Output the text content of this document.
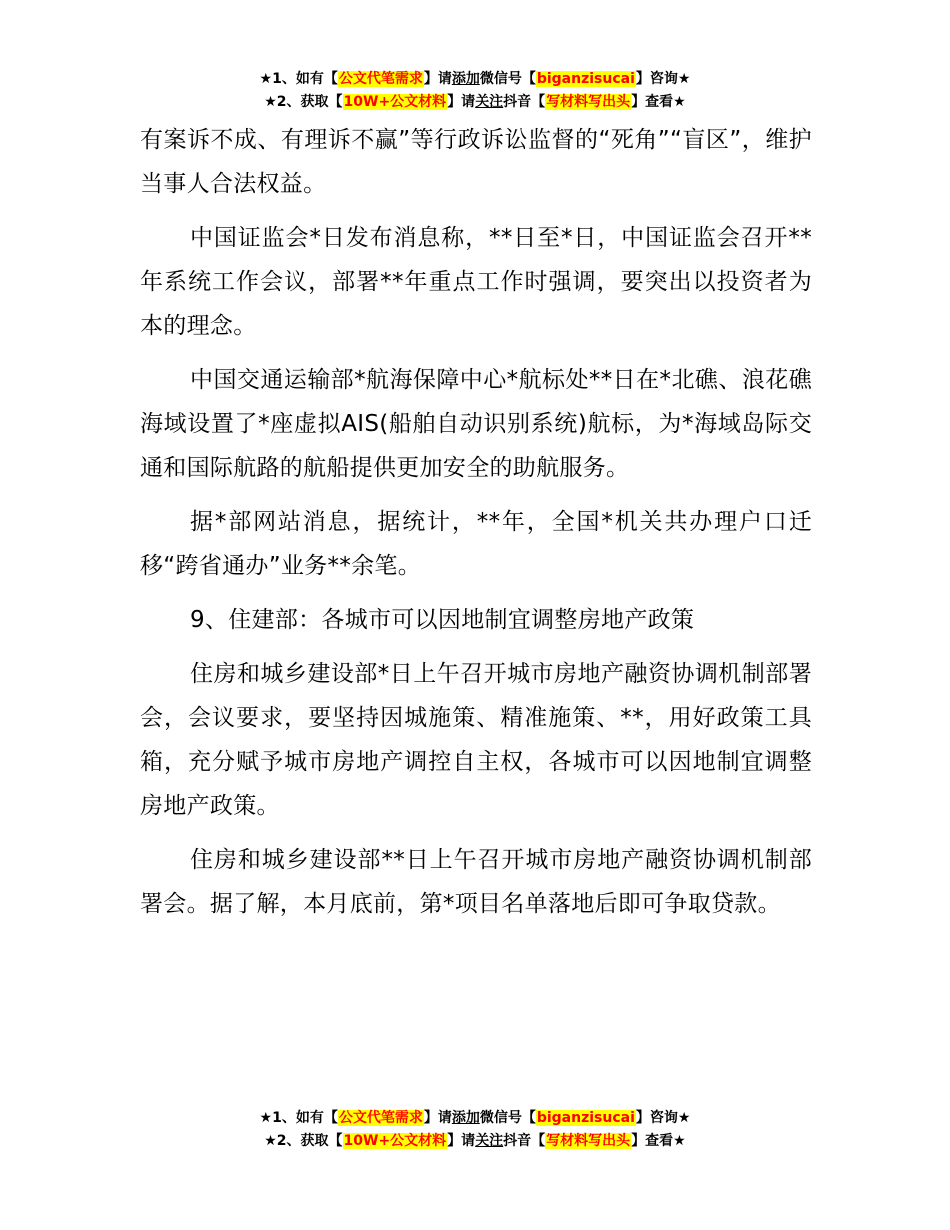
★1、如有【公文代笔需求】请添加微信号【biganzisucai】咨询★
★2、获取【10W+公文材料】请关注抖音【写材料写出头】查看★

有案诉不成、有理诉不赢”等行政诉讼监督的“死角”“盲区”，维护当事人合法权益。

中国证监会*日发布消息称，**日至*日，中国证监会召开**年系统工作会议，部署**年重点工作时强调，要突出以投资者为本的理念。

中国交通运输部*航海保障中心*航标处**日在*北礁、浪花礁海域设置了*座虚拟AIS(船舶自动识别系统)航标，为*海域岛际交通和国际航路的航船提供更加安全的助航服务。

据*部网站消息，据统计，**年，全国*机关共办理户口迁移“跨省通办”业务**余笔。

9、住建部：各城市可以因地制宜调整房地产政策

住房和城乡建设部*日上午召开城市房地产融资协调机制部署会，会议要求，要坚持因城施策、精准施策、**，用好政策工具箱，充分赋予城市房地产调控自主权，各城市可以因地制宜调整房地产政策。

住房和城乡建设部**日上午召开城市房地产融资协调机制部署会。据了解，本月底前，第*项目名单落地后即可争取贷款。

★1、如有【公文代笔需求】请添加微信号【biganzisucai】咨询★
★2、获取【10W+公文材料】请关注抖音【写材料写出头】查看★
